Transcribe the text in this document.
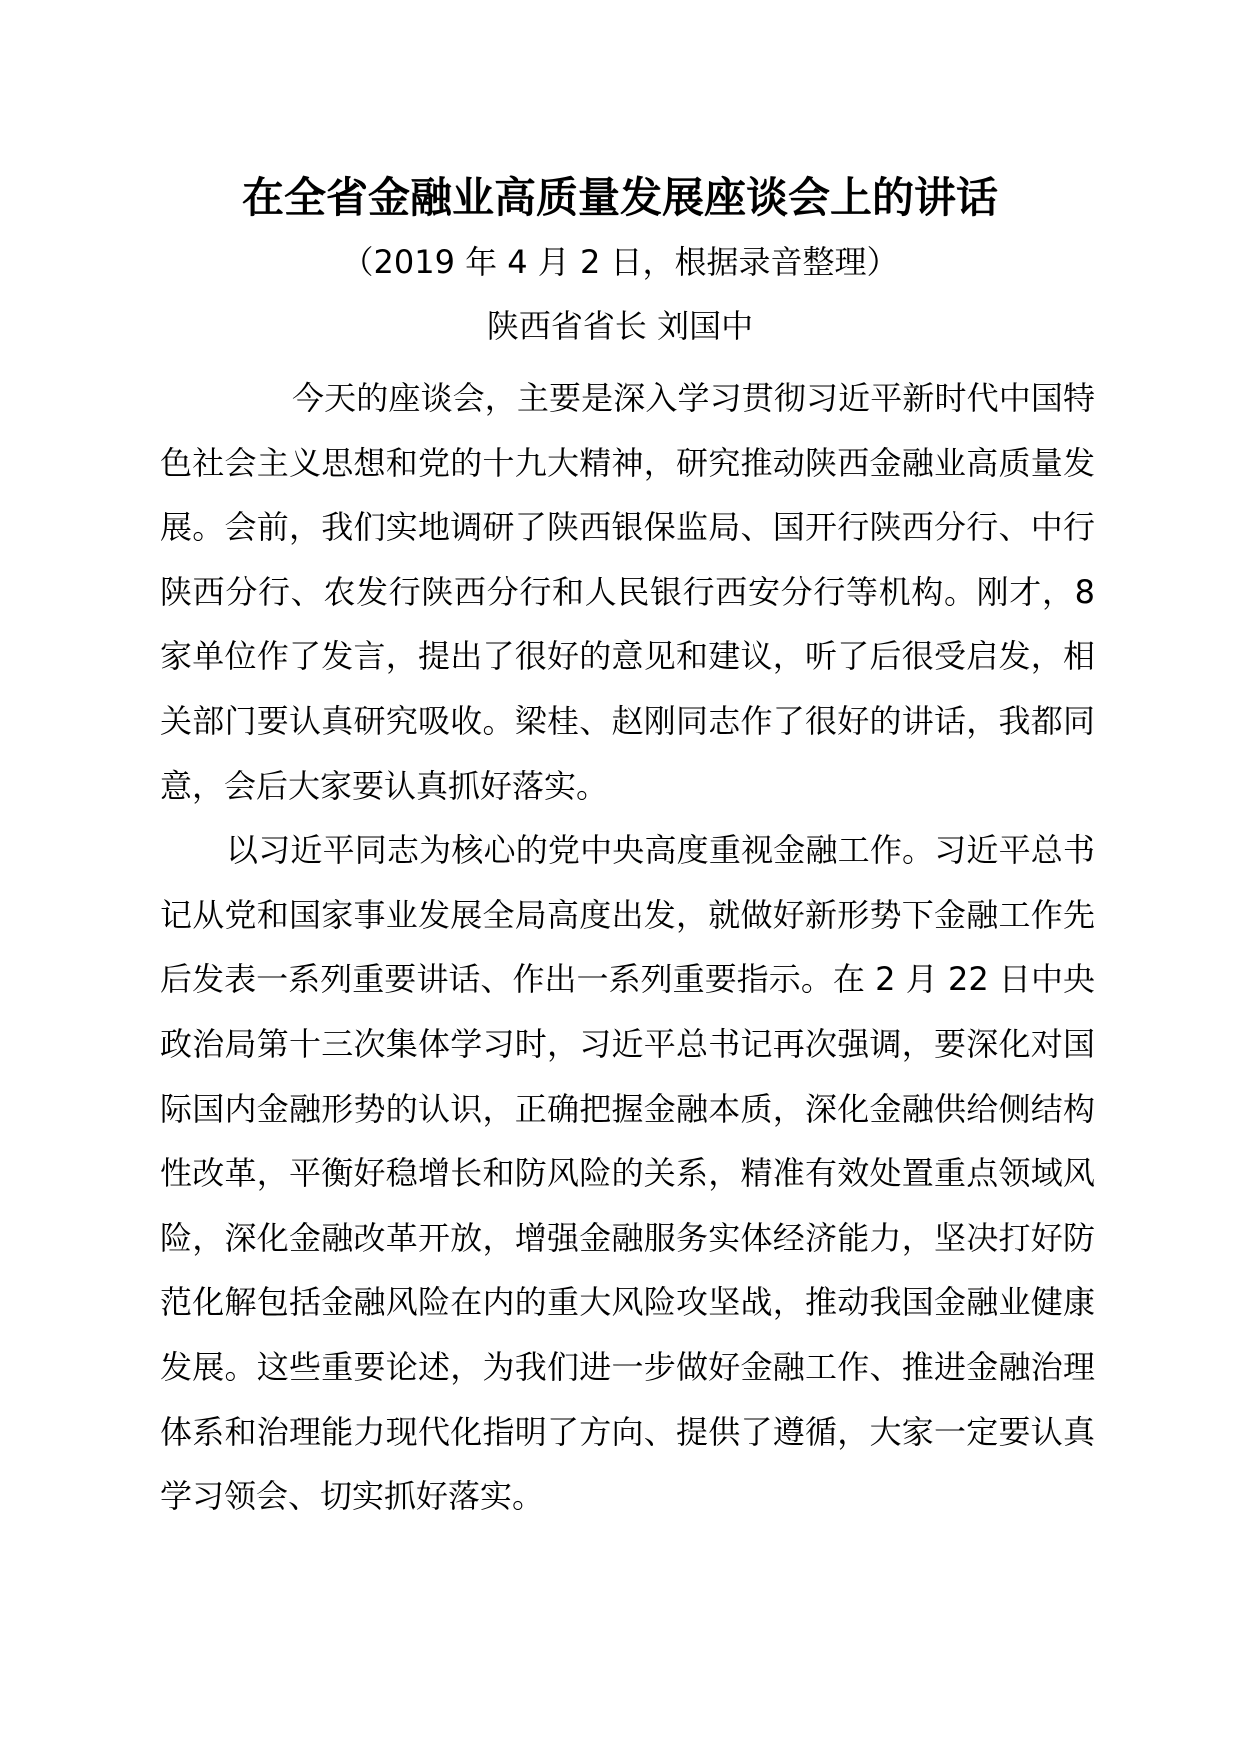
在全省金融业高质量发展座谈会上的讲话
（2019 年 4 月 2 日，根据录音整理）
陕西省省长 刘国中

今天的座谈会，主要是深入学习贯彻习近平新时代中国特色社会主义思想和党的十九大精神，研究推动陕西金融业高质量发展。会前，我们实地调研了陕西银保监局、国开行陕西分行、中行陕西分行、农发行陕西分行和人民银行西安分行等机构。刚才，8 家单位作了发言，提出了很好的意见和建议，听了后很受启发，相关部门要认真研究吸收。梁桂、赵刚同志作了很好的讲话，我都同意，会后大家要认真抓好落实。

以习近平同志为核心的党中央高度重视金融工作。习近平总书记从党和国家事业发展全局高度出发，就做好新形势下金融工作先后发表一系列重要讲话、作出一系列重要指示。在 2 月 22 日中央政治局第十三次集体学习时，习近平总书记再次强调，要深化对国际国内金融形势的认识，正确把握金融本质，深化金融供给侧结构性改革，平衡好稳增长和防风险的关系，精准有效处置重点领域风险，深化金融改革开放，增强金融服务实体经济能力，坚决打好防范化解包括金融风险在内的重大风险攻坚战，推动我国金融业健康发展。这些重要论述，为我们进一步做好金融工作、推进金融治理体系和治理能力现代化指明了方向、提供了遵循，大家一定要认真学习领会、切实抓好落实。
